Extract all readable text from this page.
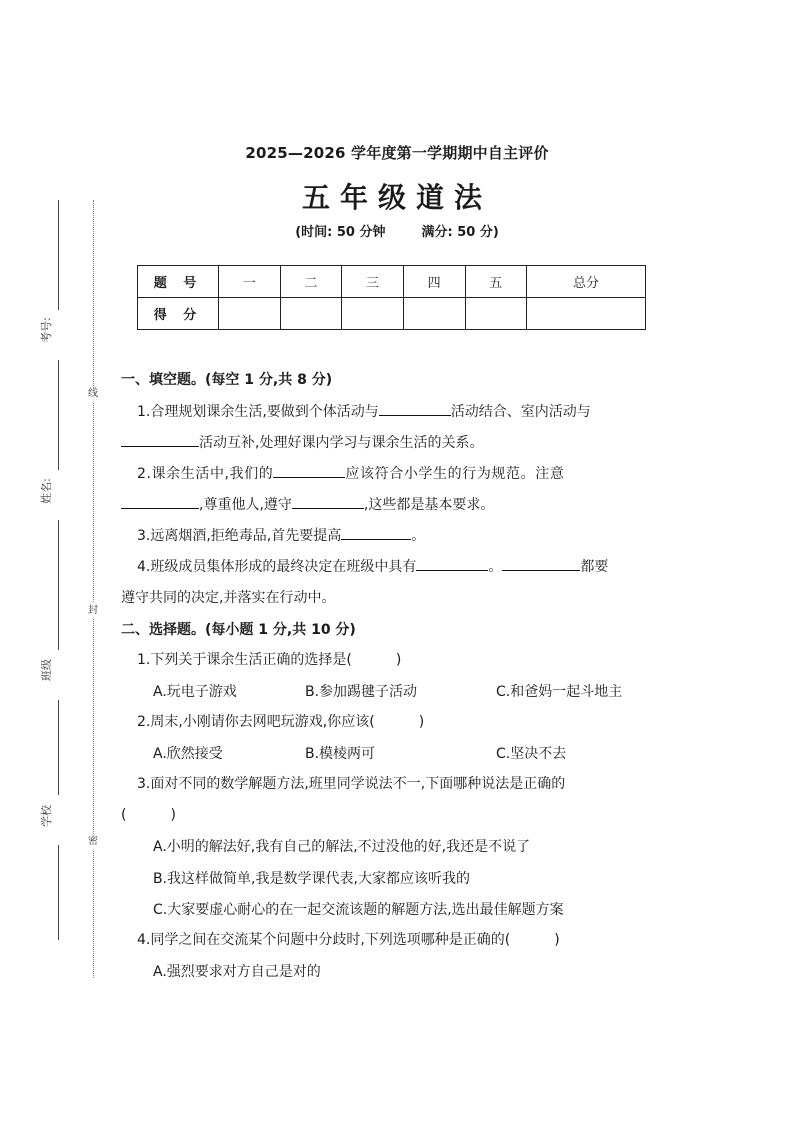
考号:
姓名:
班级
学校
线
封
密
2025—2026 学年度第一学期期中自主评价
五年级道法
(时间: 50 分钟	满分: 50 分)
题 号	一	二	三	四	五	总分
得 分						
一、填空题。(每空 1 分,共 8 分)
1.合理规划课余生活,要做到个体活动与	活动结合、室内活动与
活动互补,处理好课内学习与课余生活的关系。
2.课余生活中,我们的	应该符合小学生的行为规范。注意
,尊重他人,遵守	,这些都是基本要求。
3.远离烟酒,拒绝毒品,首先要提高	。
4.班级成员集体形成的最终决定在班级中具有	。	都要
遵守共同的决定,并落实在行动中。
二、选择题。(每小题 1 分,共 10 分)
1.下列关于课余生活正确的选择是(	)
A.玩电子游戏	B.参加踢毽子活动	C.和爸妈一起斗地主
2.周末,小刚请你去网吧玩游戏,你应该(	)
A.欣然接受	B.模棱两可	C.坚决不去
3.面对不同的数学解题方法,班里同学说法不一,下面哪种说法是正确的
(	)
A.小明的解法好,我有自己的解法,不过没他的好,我还是不说了
B.我这样做简单,我是数学课代表,大家都应该听我的
C.大家要虚心耐心的在一起交流该题的解题方法,选出最佳解题方案
4.同学之间在交流某个问题中分歧时,下列选项哪种是正确的(	)
A.强烈要求对方自己是对的
